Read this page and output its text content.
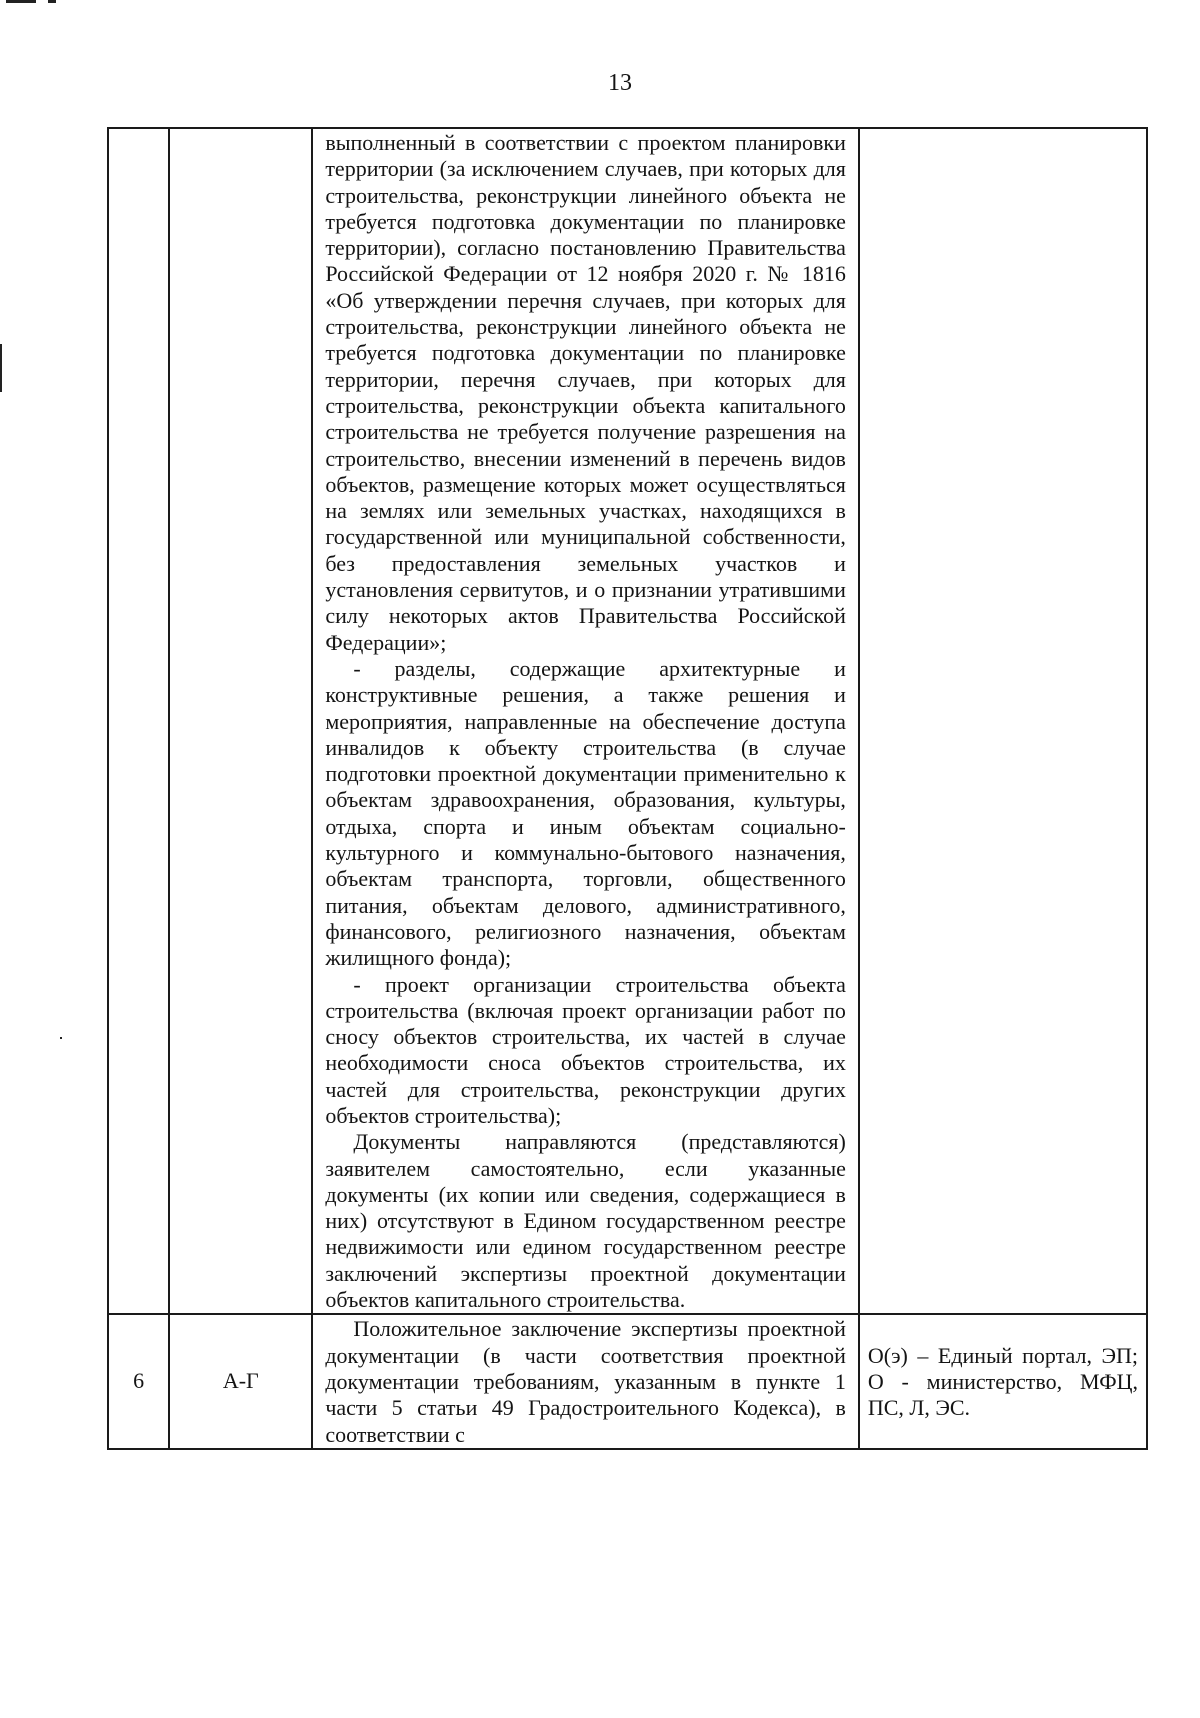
13

		выполненный в соответствии с проектом планировки территории (за исключением случаев, при которых для строительства, реконструкции линейного объекта не требуется подготовка документации по планировке территории), согласно постановлению Правительства Российской Федерации от 12 ноября 2020 г. № 1816 «Об утверждении перечня случаев, при которых для строительства, реконструкции линейного объекта не требуется подготовка документации по планировке территории, перечня случаев, при которых для строительства, реконструкции объекта капитального строительства не требуется получение разрешения на строительство, внесении изменений в перечень видов объектов, размещение которых может осуществляться на землях или земельных участках, находящихся в государственной или муниципальной собственности, без предоставления земельных участков и установления сервитутов, и о признании утратившими силу некоторых актов Правительства Российской Федерации»;

- разделы, содержащие архитектурные и конструктивные решения, а также решения и мероприятия, направленные на обеспечение доступа инвалидов к объекту строительства (в случае подготовки проектной документации применительно к объектам здравоохранения, образования, культуры, отдыха, спорта и иным объектам социально-культурного и коммунально-бытового назначения, объектам транспорта, торговли, общественного питания, объектам делового, административного, финансового, религиозного назначения, объектам жилищного фонда);

- проект организации строительства объекта строительства (включая проект организации работ по сносу объектов строительства, их частей в случае необходимости сноса объектов строительства, их частей для строительства, реконструкции других объектов строительства);

Документы направляются (представляются) заявителем самостоятельно, если указанные документы (их копии или сведения, содержащиеся в них) отсутствуют в Едином государственном реестре недвижимости или едином государственном реестре заключений экспертизы проектной документации объектов капитального строительства.	

6	А-Г	Положительное заключение экспертизы проектной документации (в части соответствия проектной документации требованиям, указанным в пункте 1 части 5 статьи 49 Градостроительного Кодекса), в соответствии с	О(э) – Единый портал, ЭП; О - министерство, МФЦ, ПС, Л, ЭС.
